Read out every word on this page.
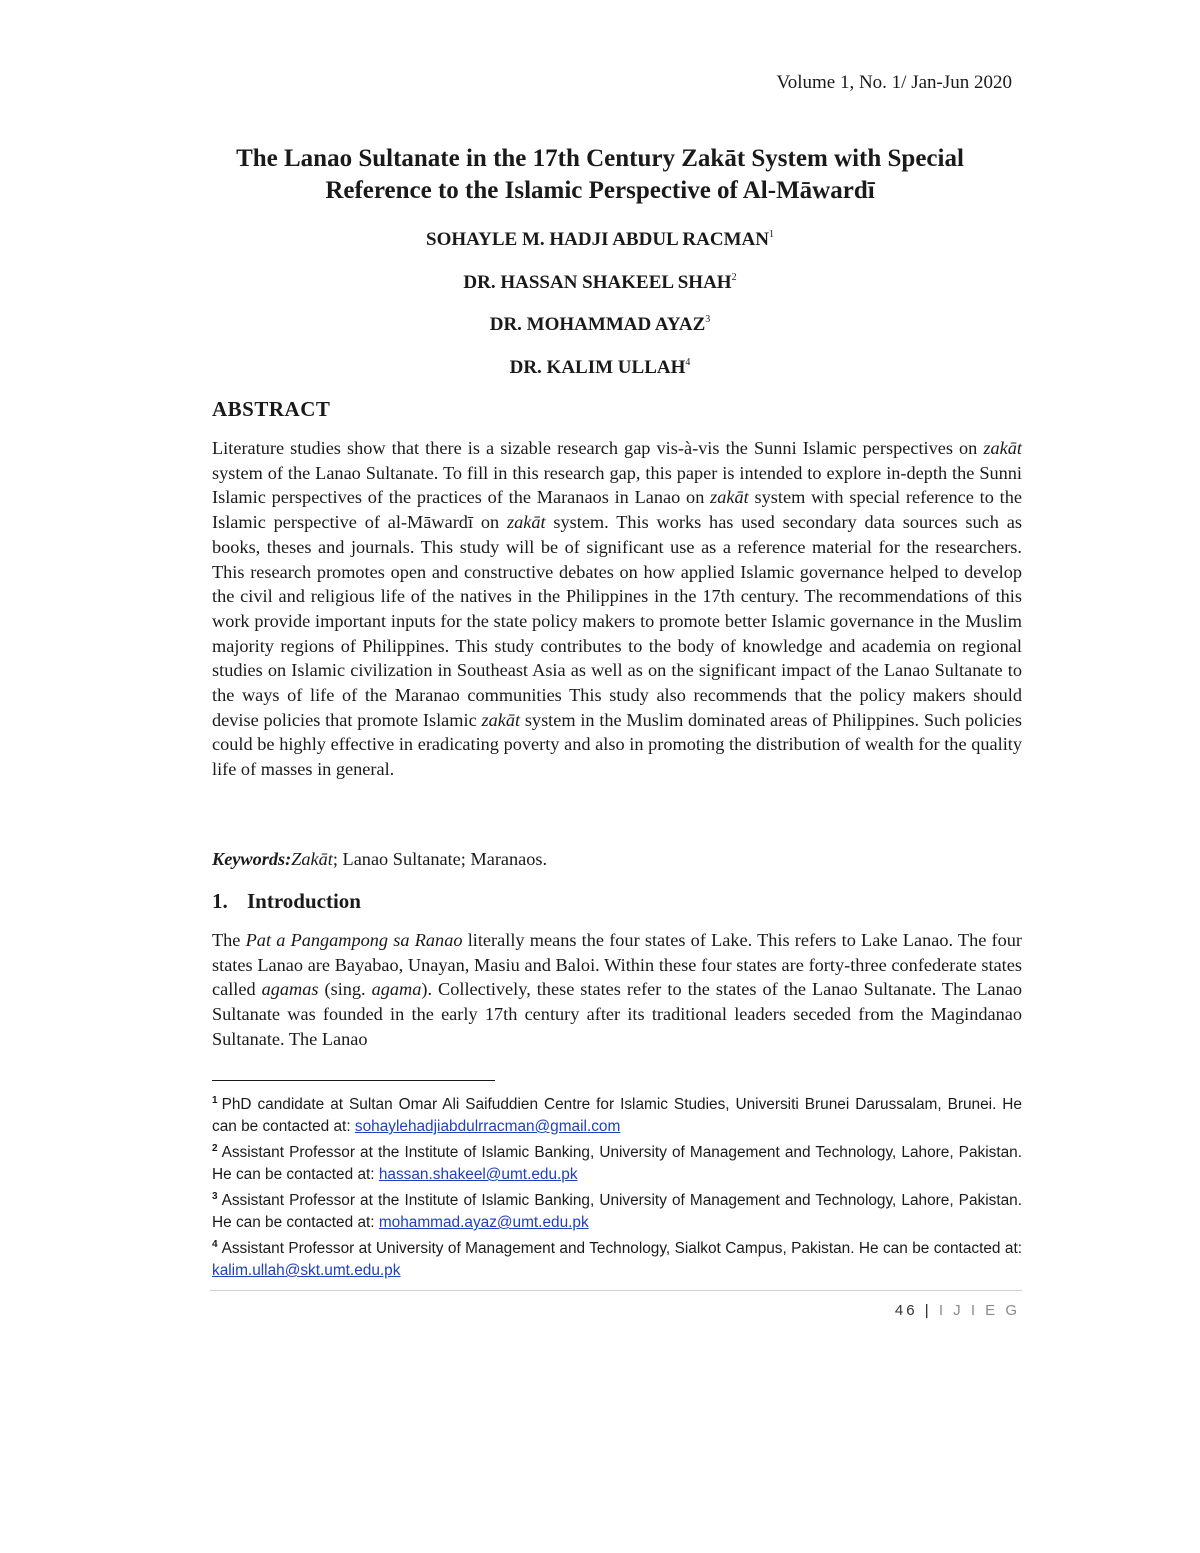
Volume 1, No. 1/ Jan-Jun 2020
The Lanao Sultanate in the 17th Century Zakāt System with Special
Reference to the Islamic Perspective of Al-Māwardī
SOHAYLE M. HADJI ABDUL RACMAN$^1$
DR. HASSAN SHAKEEL SHAH$^2$
DR. MOHAMMAD AYAZ$^3$
DR. KALIM ULLAH$^4$
ABSTRACT
Literature studies show that there is a sizable research gap vis-à-vis the Sunni Islamic perspectives on zakāt system of the Lanao Sultanate. To fill in this research gap, this paper is intended to explore in-depth the Sunni Islamic perspectives of the practices of the Maranaos in Lanao on zakāt system with special reference to the Islamic perspective of al-Māwardī on zakāt system. This works has used secondary data sources such as books, theses and journals. This study will be of significant use as a reference material for the researchers. This research promotes open and constructive debates on how applied Islamic governance helped to develop the civil and religious life of the natives in the Philippines in the 17th century. The recommendations of this work provide important inputs for the state policy makers to promote better Islamic governance in the Muslim majority regions of Philippines. This study contributes to the body of knowledge and academia on regional studies on Islamic civilization in Southeast Asia as well as on the significant impact of the Lanao Sultanate to the ways of life of the Maranao communities This study also recommends that the policy makers should devise policies that promote Islamic zakāt system in the Muslim dominated areas of Philippines. Such policies could be highly effective in eradicating poverty and also in promoting the distribution of wealth for the quality life of masses in general.
Keywords:Zakāt; Lanao Sultanate; Maranaos.
1. Introduction
The Pat a Pangampong sa Ranao literally means the four states of Lake. This refers to Lake Lanao. The four states Lanao are Bayabao, Unayan, Masiu and Baloi. Within these four states are forty-three confederate states called agamas (sing. agama). Collectively, these states refer to the states of the Lanao Sultanate. The Lanao Sultanate was founded in the early 17th century after its traditional leaders seceded from the Magindanao Sultanate. The Lanao
$^1$ PhD candidate at Sultan Omar Ali Saifuddien Centre for Islamic Studies, Universiti Brunei Darussalam, Brunei. He can be contacted at: sohaylehadjiabdulrracman@gmail.com
$^2$ Assistant Professor at the Institute of Islamic Banking, University of Management and Technology, Lahore, Pakistan. He can be contacted at: hassan.shakeel@umt.edu.pk
$^3$ Assistant Professor at the Institute of Islamic Banking, University of Management and Technology, Lahore, Pakistan. He can be contacted at: mohammad.ayaz@umt.edu.pk
$^4$ Assistant Professor at University of Management and Technology, Sialkot Campus, Pakistan. He can be contacted at: kalim.ullah@skt.umt.edu.pk
46 | I J I E G
